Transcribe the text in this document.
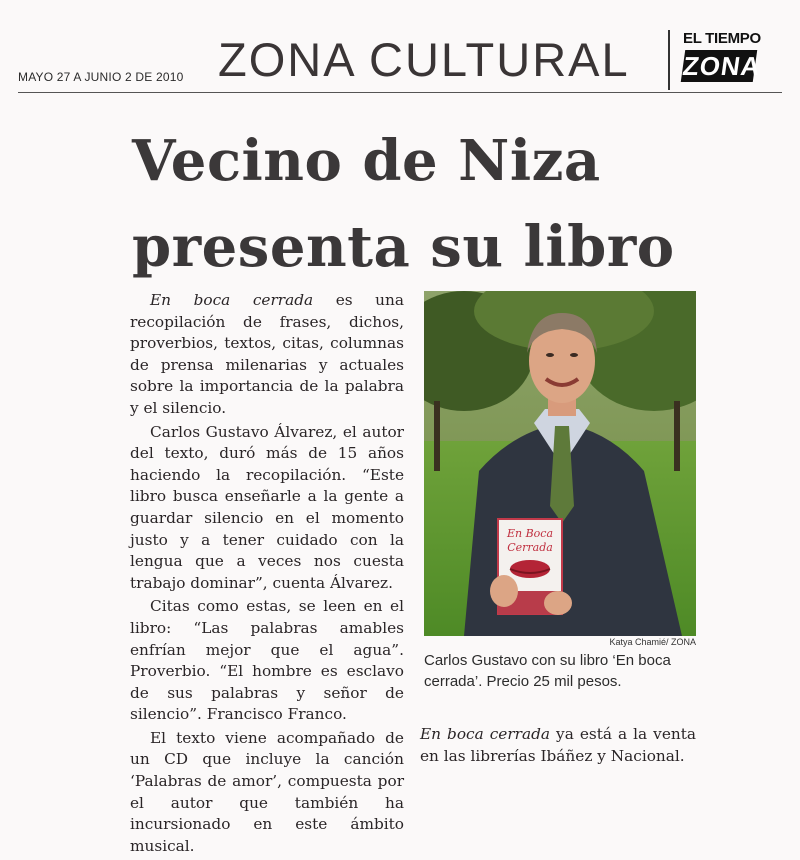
MAYO 27 A JUNIO 2 DE 2010 ZONA CULTURAL	EL TIEMPO
ZONA
Vecino de Niza
presenta su libro

En boca cerrada es una recopilación de frases, dichos, proverbios, textos, citas, columnas de prensa milenarias y actuales sobre la importancia de la palabra y el silencio.

Carlos Gustavo Álvarez, el autor del texto, duró más de 15 años haciendo la recopilación. “Este libro busca enseñarle a la gente a guardar silencio en el momento justo y a tener cuidado con la lengua que a veces nos cuesta trabajo dominar”, cuenta Álvarez.

Citas como estas, se leen en el libro: “Las palabras amables enfrían mejor que el agua”. Proverbio. “El hombre es esclavo de sus palabras y señor de silencio”. Francisco Franco.

El texto viene acompañado de un CD que incluye la canción ‘Palabras de amor’, compuesta por el autor que también ha incursionado en este ámbito musical.

En boca cerrada ya está a la venta en las librerías Ibáñez y Nacional.

En Boca
Cerrada
Katya Chamié/ ZONA
Carlos Gustavo con su libro ‘En boca cerrada’. Precio 25 mil pesos.
